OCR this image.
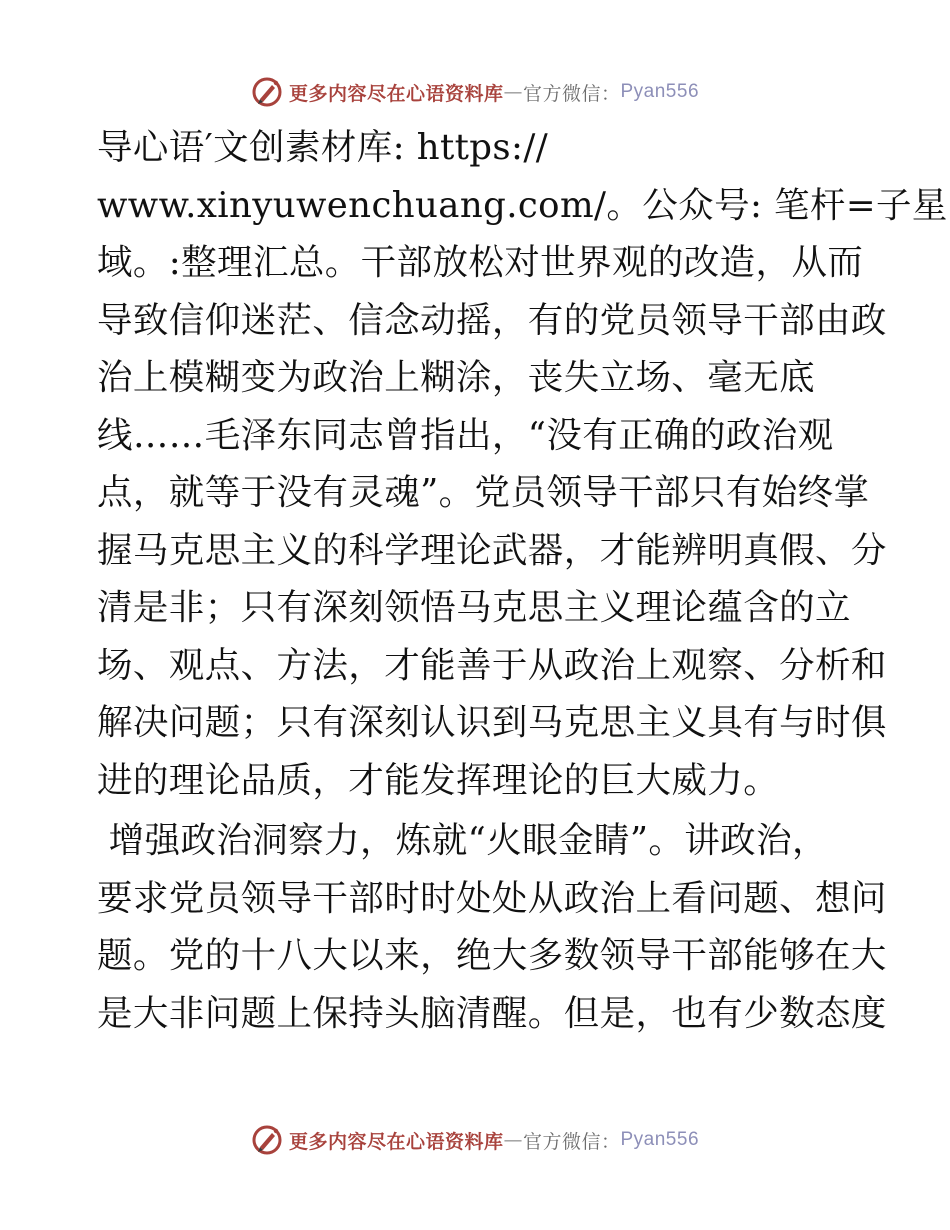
更多内容尽在心语资料库 — 官方微信： Pyan556
导心语′文创素材库: https://
www.xinyuwenchuang.com/。公众号: 笔杆=子星
域。:整理汇总。干部放松对世界观的改造，从而
导致信仰迷茫、信念动摇，有的党员领导干部由政
治上模糊变为政治上糊涂，丧失立场、毫无底
线……毛泽东同志曾指出，“没有正确的政治观
点，就等于没有灵魂”。党员领导干部只有始终掌
握马克思主义的科学理论武器，才能辨明真假、分
清是非；只有深刻领悟马克思主义理论蕴含的立
场、观点、方法，才能善于从政治上观察、分析和
解决问题；只有深刻认识到马克思主义具有与时俱
进的理论品质，才能发挥理论的巨大威力。
增强政治洞察力，炼就“火眼金睛”。讲政治，
要求党员领导干部时时处处从政治上看问题、想问
题。党的十八大以来，绝大多数领导干部能够在大
是大非问题上保持头脑清醒。但是，也有少数态度
更多内容尽在心语资料库 — 官方微信： Pyan556
